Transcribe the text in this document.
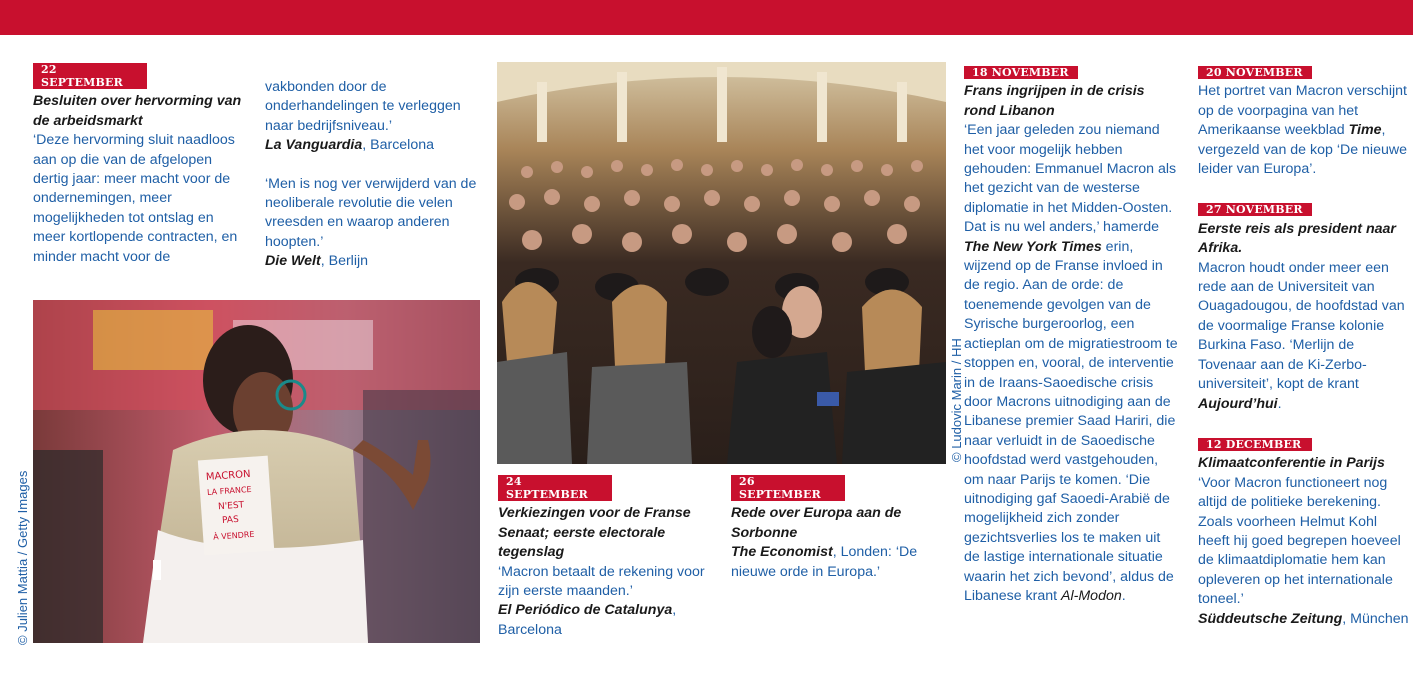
22 SEPTEMBER
Besluiten over hervorming van de arbeidsmarkt

‘Deze hervorming sluit naadloos aan op die van de afgelopen dertig jaar: meer macht voor de ondernemingen, meer mogelijkheden tot ontslag en meer kortlopende contracten, en minder macht voor de

vakbonden door de onderhandelingen te verleggen naar bedrijfsniveau.’
La Vanguardia, Barcelona

‘Men is nog ver verwijderd van de neoliberale revolutie die velen vreesden en waarop anderen hoopten.’
Die Welt, Berlijn

MACRON
LA FRANCE
N'EST
PAS
À VENDRE
© Julien Mattia / Getty Images
© Ludovic Marin / HH
24 SEPTEMBER
Verkiezingen voor de Franse Senaat; eerste electorale tegenslag

‘Macron betaalt de rekening voor zijn eerste maanden.’
El Periódico de Catalunya, Barcelona

26 SEPTEMBER
Rede over Europa aan de Sorbonne

The Economist, Londen: ‘De nieuwe orde in Europa.’

18 NOVEMBER
Frans ingrijpen in de crisis rond Libanon

‘Een jaar geleden zou niemand het voor mogelijk hebben gehouden: Emmanuel Macron als het gezicht van de westerse diplomatie in het Midden-Oosten. Dat is nu wel anders,’ hamerde The New York Times erin, wijzend op de Franse invloed in de regio. Aan de orde: de toenemende gevolgen van de Syrische burgeroorlog, een actieplan om de migratiestroom te stoppen en, vooral, de interventie in de Iraans-Saoedische crisis door Macrons uitnodiging aan de Libanese premier Saad Hariri, die naar verluidt in de Saoedische hoofdstad werd vastgehouden, om naar Parijs te komen. ‘Die uitnodiging gaf Saoedi-Arabië de mogelijkheid zich zonder gezichtsverlies los te maken uit de lastige internationale situatie waarin het zich bevond’, aldus de Libanese krant Al-Modon.

20 NOVEMBER

Het portret van Macron verschijnt op de voorpagina van het Amerikaanse weekblad Time, vergezeld van de kop ‘De nieuwe leider van Europa’.

27 NOVEMBER
Eerste reis als president naar Afrika.

Macron houdt onder meer een rede aan de Universiteit van Ouagadougou, de hoofdstad van de voormalige Franse kolonie Burkina Faso. ‘Merlijn de Tovenaar aan de Ki-Zerbo-universiteit’, kopt de krant Aujourd’hui.

12 DECEMBER
Klimaatconferentie in Parijs

‘Voor Macron functioneert nog altijd de politieke berekening. Zoals voorheen Helmut Kohl heeft hij goed begrepen hoeveel de klimaatdiplomatie hem kan opleveren op het internationale toneel.’
Süddeutsche Zeitung, München
